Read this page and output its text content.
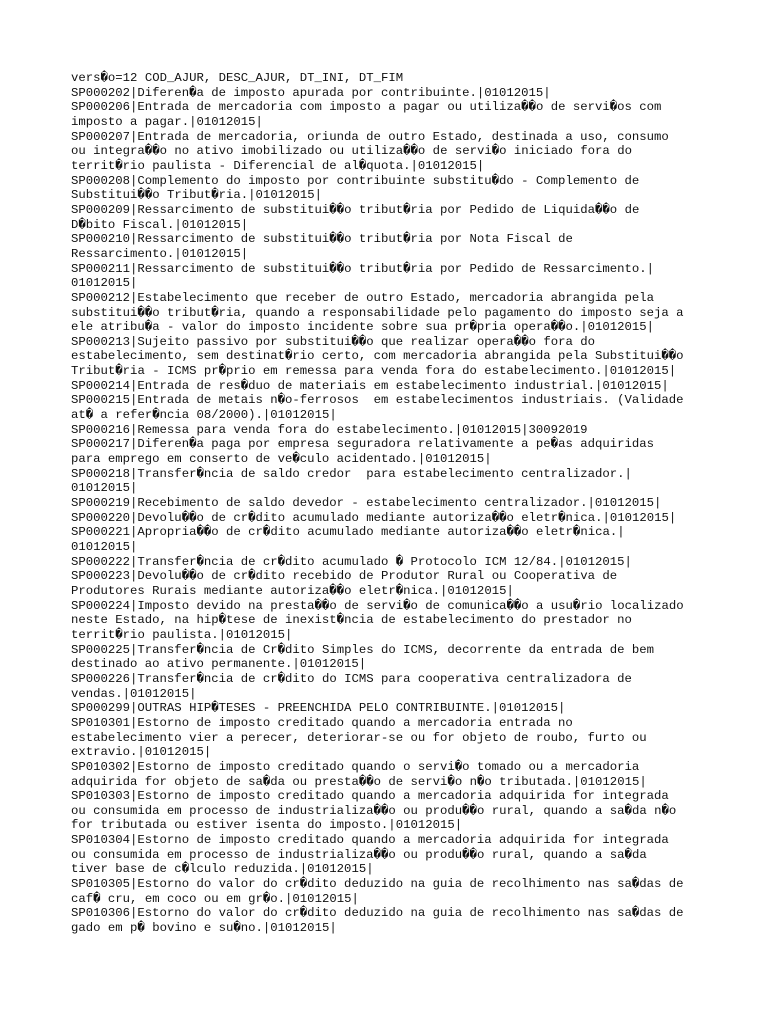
vers�o=12 COD_AJUR, DESC_AJUR, DT_INI, DT_FIM
SP000202|Diferen�a de imposto apurada por contribuinte.|01012015|
SP000206|Entrada de mercadoria com imposto a pagar ou utiliza��o de servi�os com
imposto a pagar.|01012015|
SP000207|Entrada de mercadoria, oriunda de outro Estado, destinada a uso, consumo
ou integra��o no ativo imobilizado ou utiliza��o de servi�o iniciado fora do
territ�rio paulista - Diferencial de al�quota.|01012015|
SP000208|Complemento do imposto por contribuinte substitu�do - Complemento de
Substitui��o Tribut�ria.|01012015|
SP000209|Ressarcimento de substitui��o tribut�ria por Pedido de Liquida��o de
D�bito Fiscal.|01012015|
SP000210|Ressarcimento de substitui��o tribut�ria por Nota Fiscal de
Ressarcimento.|01012015|
SP000211|Ressarcimento de substitui��o tribut�ria por Pedido de Ressarcimento.|
01012015|
SP000212|Estabelecimento que receber de outro Estado, mercadoria abrangida pela
substitui��o tribut�ria, quando a responsabilidade pelo pagamento do imposto seja a
ele atribu�a - valor do imposto incidente sobre sua pr�pria opera��o.|01012015|
SP000213|Sujeito passivo por substitui��o que realizar opera��o fora do
estabelecimento, sem destinat�rio certo, com mercadoria abrangida pela Substitui��o
Tribut�ria - ICMS pr�prio em remessa para venda fora do estabelecimento.|01012015|
SP000214|Entrada de res�duo de materiais em estabelecimento industrial.|01012015|
SP000215|Entrada de metais n�o-ferrosos  em estabelecimentos industriais. (Validade
at� a refer�ncia 08/2000).|01012015|
SP000216|Remessa para venda fora do estabelecimento.|01012015|30092019
SP000217|Diferen�a paga por empresa seguradora relativamente a pe�as adquiridas
para emprego em conserto de ve�culo acidentado.|01012015|
SP000218|Transfer�ncia de saldo credor  para estabelecimento centralizador.|
01012015|
SP000219|Recebimento de saldo devedor - estabelecimento centralizador.|01012015|
SP000220|Devolu��o de cr�dito acumulado mediante autoriza��o eletr�nica.|01012015|
SP000221|Apropria��o de cr�dito acumulado mediante autoriza��o eletr�nica.|
01012015|
SP000222|Transfer�ncia de cr�dito acumulado � Protocolo ICM 12/84.|01012015|
SP000223|Devolu��o de cr�dito recebido de Produtor Rural ou Cooperativa de
Produtores Rurais mediante autoriza��o eletr�nica.|01012015|
SP000224|Imposto devido na presta��o de servi�o de comunica��o a usu�rio localizado
neste Estado, na hip�tese de inexist�ncia de estabelecimento do prestador no
territ�rio paulista.|01012015|
SP000225|Transfer�ncia de Cr�dito Simples do ICMS, decorrente da entrada de bem
destinado ao ativo permanente.|01012015|
SP000226|Transfer�ncia de cr�dito do ICMS para cooperativa centralizadora de
vendas.|01012015|
SP000299|OUTRAS HIP�TESES - PREENCHIDA PELO CONTRIBUINTE.|01012015|
SP010301|Estorno de imposto creditado quando a mercadoria entrada no
estabelecimento vier a perecer, deteriorar-se ou for objeto de roubo, furto ou
extravio.|01012015|
SP010302|Estorno de imposto creditado quando o servi�o tomado ou a mercadoria
adquirida for objeto de sa�da ou presta��o de servi�o n�o tributada.|01012015|
SP010303|Estorno de imposto creditado quando a mercadoria adquirida for integrada
ou consumida em processo de industrializa��o ou produ��o rural, quando a sa�da n�o
for tributada ou estiver isenta do imposto.|01012015|
SP010304|Estorno de imposto creditado quando a mercadoria adquirida for integrada
ou consumida em processo de industrializa��o ou produ��o rural, quando a sa�da
tiver base de c�lculo reduzida.|01012015|
SP010305|Estorno do valor do cr�dito deduzido na guia de recolhimento nas sa�das de
caf� cru, em coco ou em gr�o.|01012015|
SP010306|Estorno do valor do cr�dito deduzido na guia de recolhimento nas sa�das de
gado em p� bovino e su�no.|01012015|
